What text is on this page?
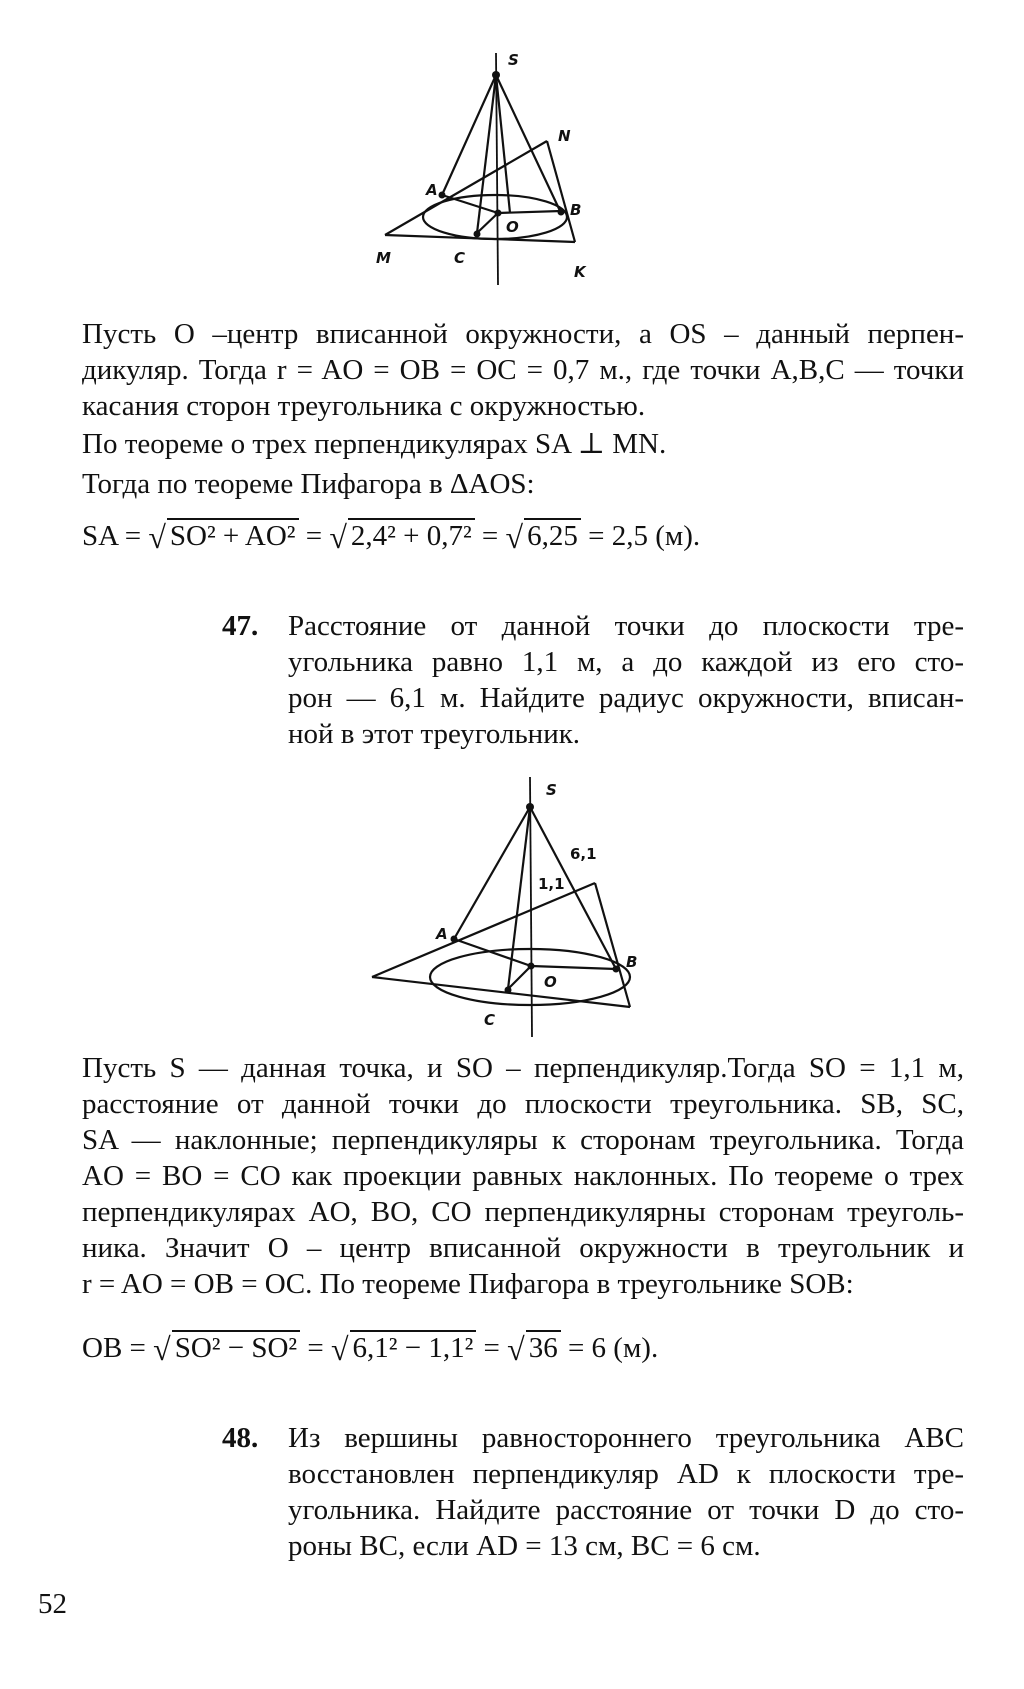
S
N
A
B
O
M	C
K
Пусть O –центр вписанной окружности, а OS – данный перпен-
дикуляр. Тогда r = AO = OB = OC = 0,7 м., где точки A,B,C — точки
касания сторон треугольника с окружностью.
По теореме о трех перпендикулярах SA ⊥ MN.
Тогда по теореме Пифагора в ΔAOS:
SA = √ SO² + AO² = √ 2,4² + 0,7² = √ 6,25 = 2,5 (м).
47. Расстояние от данной точки до плоскости тре-
угольника равно 1,1 м, а до каждой из его сто-
рон — 6,1 м. Найдите радиус окружности, вписан-
ной в этот треугольник.
S
6,1
1,1
A
B
O
C
Пусть S — данная точка, и SO – перпендикуляр.Тогда SO = 1,1 м,
расстояние от данной точки до плоскости треугольника. SB, SC,
SA — наклонные; перпендикуляры к сторонам треугольника. Тогда
AO = BO = CO как проекции равных наклонных. По теореме о трех
перпендикулярах AO, BO, CO перпендикулярны сторонам треуголь-
ника. Значит O – центр вписанной окружности в треугольник и
r = AO = OB = OC. По теореме Пифагора в треугольнике SOB:
OB = √ SO² − SO² = √ 6,1² − 1,1² = √ 36 = 6 (м).
48. Из вершины равностороннего треугольника ABC
восстановлен перпендикуляр AD к плоскости тре-
угольника. Найдите расстояние от точки D до сто-
роны BC, если AD = 13 см, BC = 6 см.
52
